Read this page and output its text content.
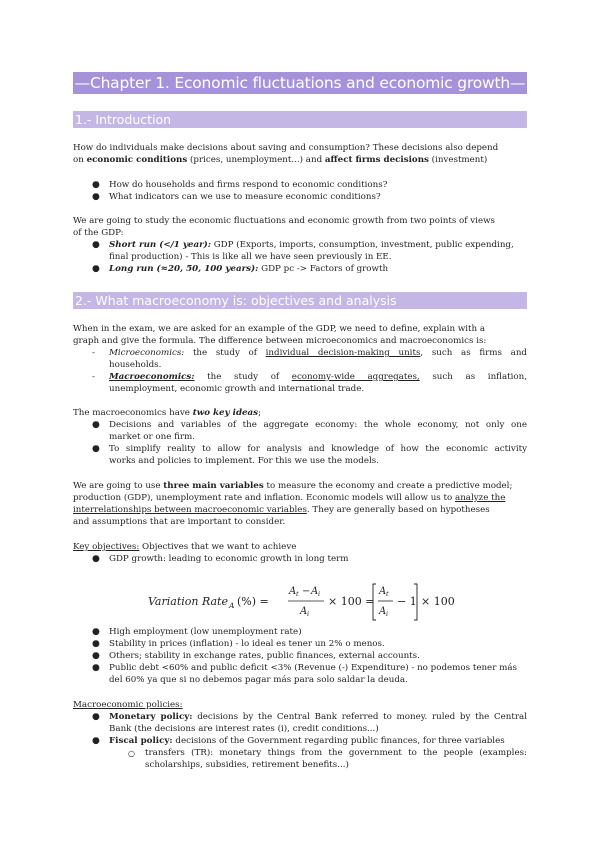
—Chapter 1. Economic fluctuations and economic growth—
1.- Introduction
How do individuals make decisions about saving and consumption? These decisions also depend
on economic conditions (prices, unemployment...) and affect firms decisions (investment)
● How do households and firms respond to economic conditions?
● What indicators can we use to measure economic conditions?
We are going to study the economic fluctuations and economic growth from two points of views
of the GDP:
● Short run (</1 year): GDP (Exports, imports, consumption, investment, public expending,
final production) - This is like all we have seen previously in EE.
● Long run (≈20, 50, 100 years): GDP pc -> Factors of growth
2.- What macroeconomy is: objectives and analysis
When in the exam, we are asked for an example of the GDP, we need to define, explain with a
graph and give the formula. The difference between microeconomics and macroeconomics is:
- Microeconomics: the study of individual decision-making units, such as firms and
households.
- Macroeconomics: the study of economy-wide aggregates, such as inflation,
unemployment, economic growth and international trade.
The macroeconomics have two key ideas;
● Decisions and variables of the aggregate economy: the whole economy, not only one
market or one firm.
● To simplify reality to allow for analysis and knowledge of how the economic activity
works and policies to implement. For this we use the models.
We are going to use three main variables to measure the economy and create a predictive model;
production (GDP), unemployment rate and inflation. Economic models will allow us to analyze the
interrelationships between macroeconomic variables. They are generally based on hypotheses
and assumptions that are important to consider.
Key objectives: Objectives that we want to achieve
● GDP growth: leading to economic growth in long term
Variation Rate A (%) =
A t − A i
A i
× 100 =
A t
A i
− 1 × 100
● High employment (low unemployment rate)
● Stability in prices (inflation) - lo ideal es tener un 2% o menos.
● Others; stability in exchange rates, public finances, external accounts.
● Public debt <60% and public deficit <3% (Revenue (-) Expenditure) - no podemos tener más
del 60% ya que si no debemos pagar más para solo saldar la deuda.
Macroeconomic policies:
● Monetary policy: decisions by the Central Bank referred to money. ruled by the Central
Bank (the decisions are interest rates (i), credit conditions...)
● Fiscal policy: decisions of the Government regarding public finances, for three variables
○ transfers (TR): monetary things from the government to the people (examples:
scholarships, subsidies, retirement benefits...)
